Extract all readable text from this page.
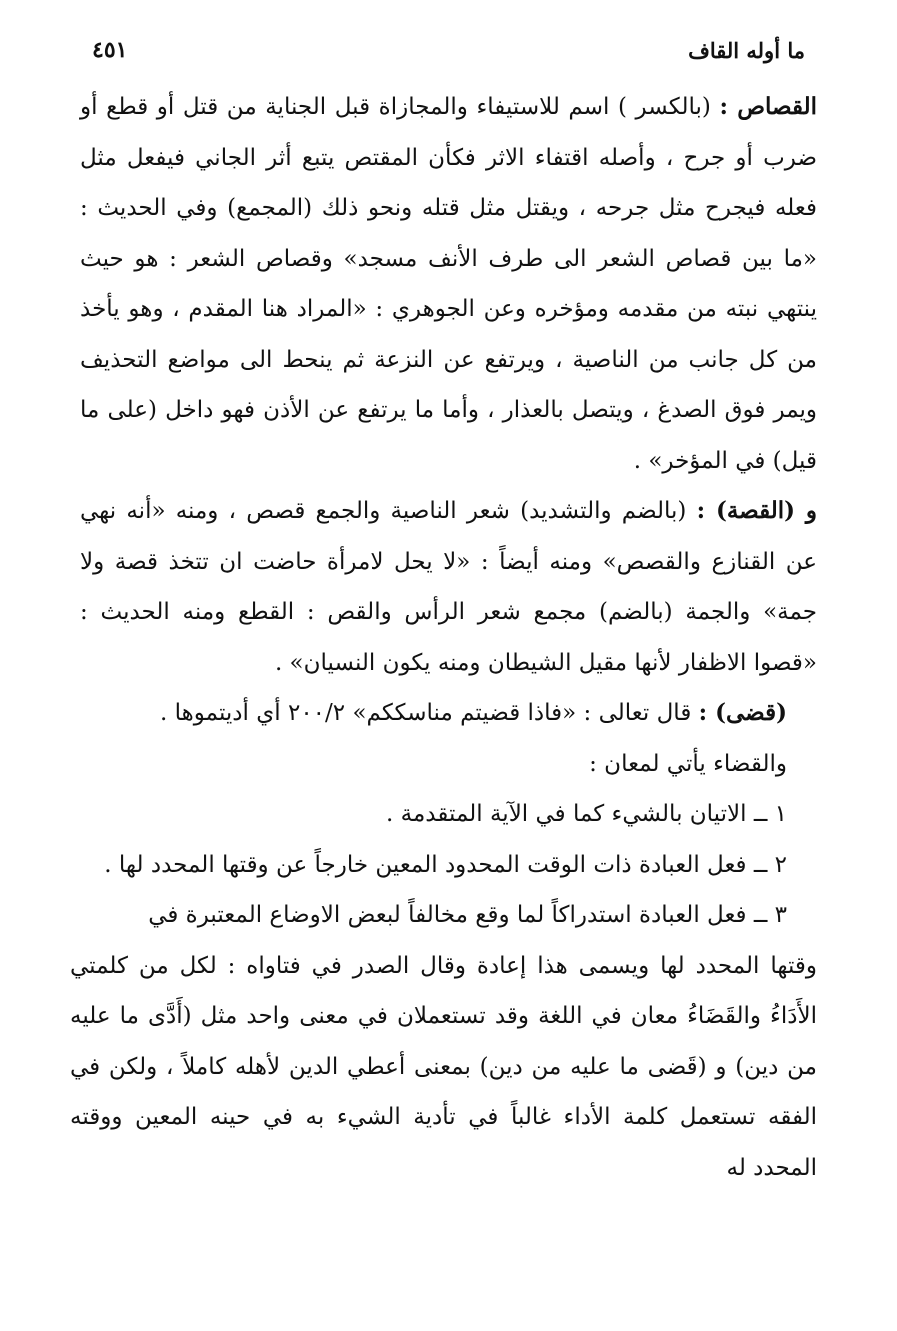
ما أوله القاف
٤٥١

القصاص : (بالكسر ) اسم للاستيفاء والمجازاة قبل الجناية من قتل أو قطع أو ضرب أو جرح ، وأصله اقتفاء الاثر فكأن المقتص يتبع أثر الجاني فيفعل مثل فعله فيجرح مثل جرحه ، ويقتل مثل قتله ونحو ذلك (المجمع) وفي الحديث : «ما بين قصاص الشعر الى طرف الأنف مسجد» وقصاص الشعر : هو حيث ينتهي نبته من مقدمه ومؤخره وعن الجوهري : «المراد هنا المقدم ، وهو يأخذ من كل جانب من الناصية ، ويرتفع عن النزعة ثم ينحط الى مواضع التحذيف ويمر فوق الصدغ ، ويتصل بالعذار ، وأما ما يرتفع عن الأذن فهو داخل (على ما قيل) في المؤخر» .

و (القصة) : (بالضم والتشديد) شعر الناصية والجمع قصص ، ومنه «أنه نهي عن القنازع والقصص» ومنه أيضاً : «لا يحل لامرأة حاضت ان تتخذ قصة ولا جمة» والجمة (بالضم) مجمع شعر الرأس والقص : القطع ومنه الحديث : «قصوا الاظفار لأنها مقيل الشيطان ومنه يكون النسيان» .

(قضى) : قال تعالى : «فاذا قضيتم مناسككم» ٢٠٠/٢ أي أديتموها .

والقضاء يأتي لمعان :

١ ــ الاتيان بالشيء كما في الآية المتقدمة .

٢ ــ فعل العبادة ذات الوقت المحدود المعين خارجاً عن وقتها المحدد لها .

٣ ــ فعل العبادة استدراكاً لما وقع مخالفاً لبعض الاوضاع المعتبرة في

وقتها المحدد لها ويسمى هذا إعادة وقال الصدر في فتاواه : لكل من كلمتي الأَدَاءُ والقَضَاءُ معان في اللغة وقد تستعملان في معنى واحد مثل (أَدَّى ما عليه من دين) و (قَضى ما عليه من دين) بمعنى أعطي الدين لأهله كاملاً ، ولكن في الفقه تستعمل كلمة الأداء غالباً في تأدية الشيء به في حينه المعين ووقته المحدد له
